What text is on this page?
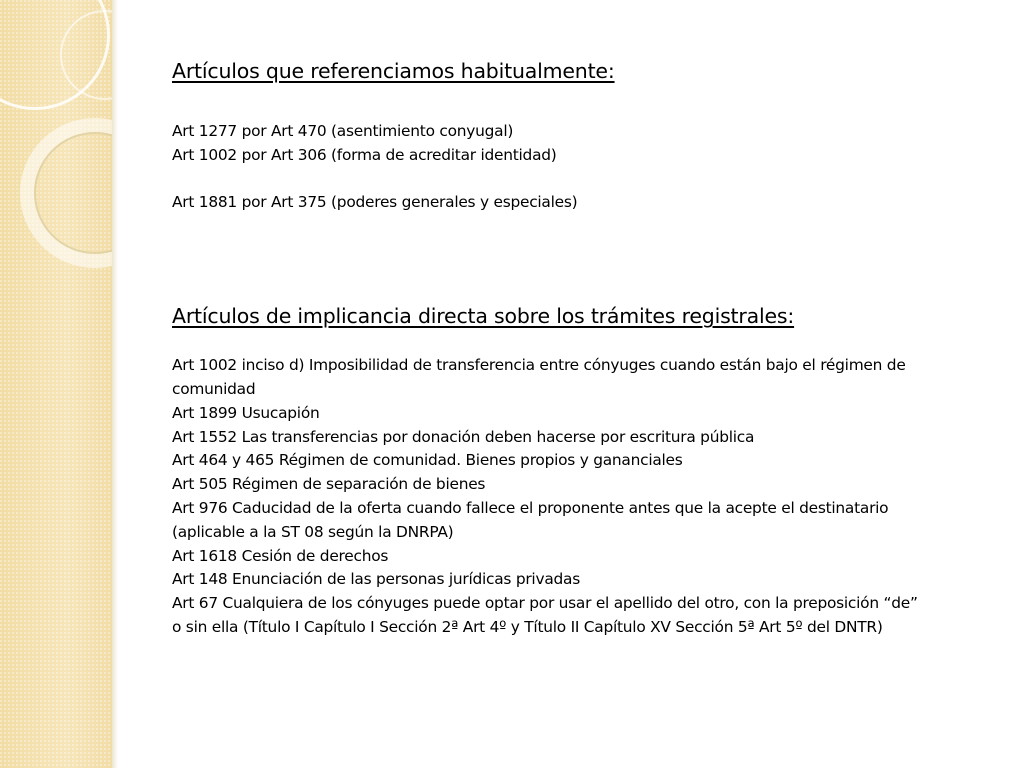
Artículos que referenciamos habitualmente:

Art 1277 por Art 470 (asentimiento conyugal)

Art 1002 por Art 306 (forma de acreditar identidad)

Art 1881 por Art 375 (poderes generales y especiales)

Artículos de implicancia directa sobre los trámites registrales:

Art 1002 inciso d) Imposibilidad de transferencia entre cónyuges cuando están bajo el régimen de

comunidad

Art 1899 Usucapión

Art 1552 Las transferencias por donación deben hacerse por escritura pública

Art 464 y 465 Régimen de comunidad. Bienes propios y gananciales

Art 505 Régimen de separación de bienes

Art 976 Caducidad de la oferta cuando fallece el proponente antes que la acepte el destinatario

(aplicable a la ST 08 según la DNRPA)

Art 1618 Cesión de derechos

Art 148 Enunciación de las personas jurídicas privadas

Art 67 Cualquiera de los cónyuges puede optar por usar el apellido del otro, con la preposición “de”

o sin ella (Título I Capítulo I Sección 2ª Art 4º y Título II Capítulo XV Sección 5ª Art 5º del DNTR)
